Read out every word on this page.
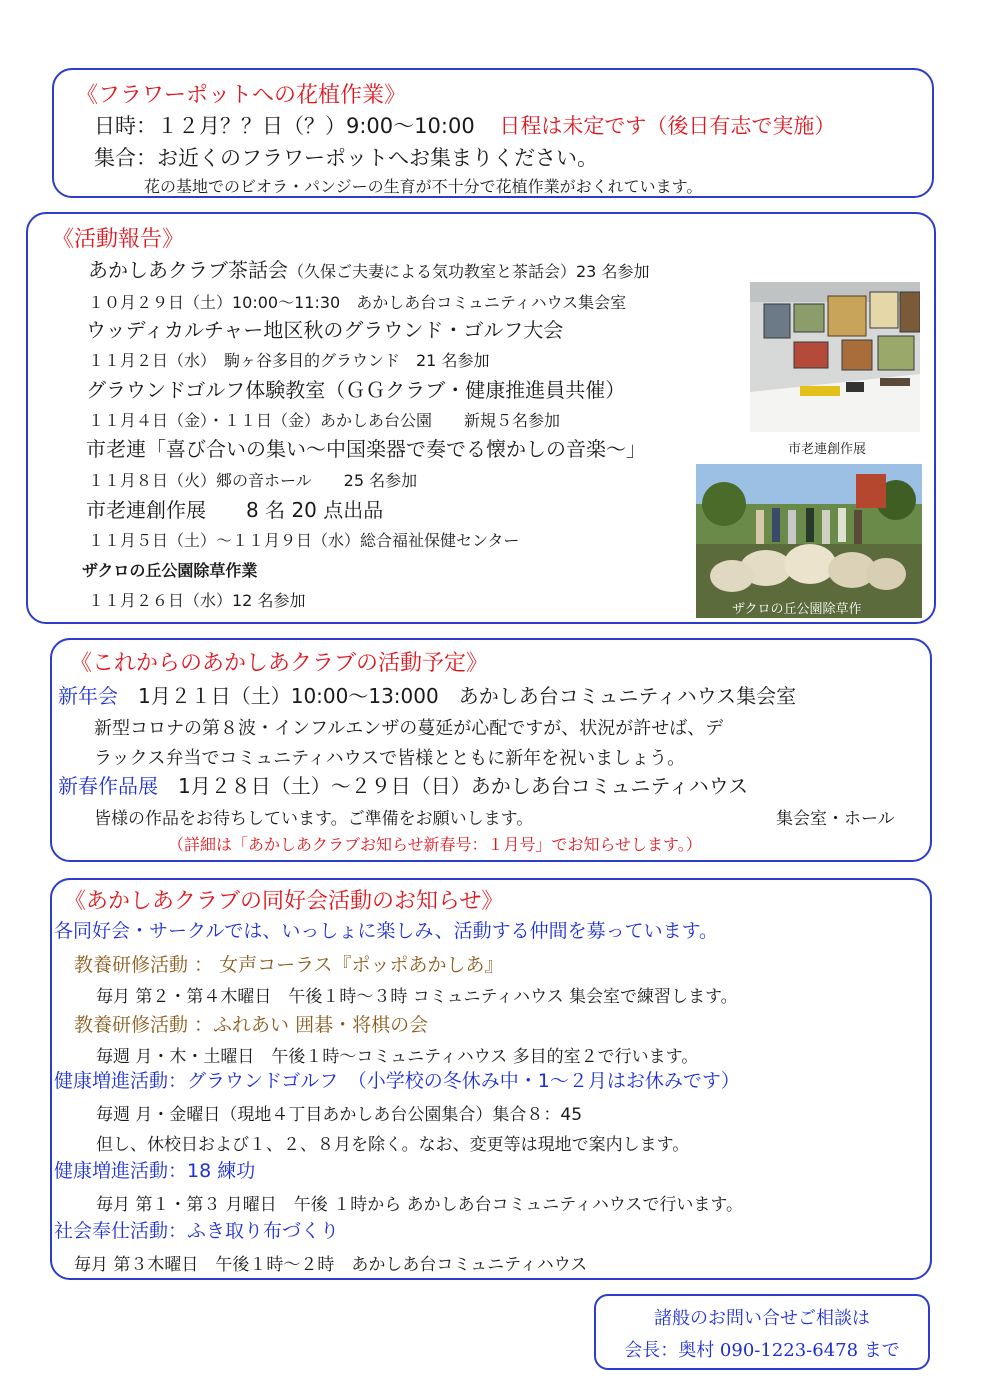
《フラワーポットへの花植作業》
日時：１２月？？日（？）9:00〜10:00 日程は未定です（後日有志で実施）
集合：お近くのフラワーポットへお集まりください。
花の基地でのビオラ・パンジーの生育が不十分で花植作業がおくれています。
《活動報告》
あかしあクラブ茶話会（久保ご夫妻による気功教室と茶話会）23 名参加
１０月２９日（土）10:00〜11:30　あかしあ台コミュニティハウス集会室
ウッディカルチャー地区秋のグラウンド・ゴルフ大会
１１月２日（水）　駒ヶ谷多目的グラウンド　21 名参加
グラウンドゴルフ体験教室（ＧＧクラブ・健康推進員共催）
１１月４日（金）・１１日（金）あかしあ台公園　　新規５名参加
市老連「喜び合いの集い〜中国楽器で奏でる懐かしの音楽〜」
１１月８日（火）郷の音ホール　　25 名参加
市老連創作展　　8 名 20 点出品
１１月５日（土）〜１１月９日（水）総合福祉保健センター
ザクロの丘公園除草作業
１１月２６日（水）12 名参加
市老連創作展
ザクロの丘公園除草作
《これからのあかしあクラブの活動予定》
新年会　1月２１日（土）10:00〜13:000　あかしあ台コミュニティハウス集会室
新型コロナの第８波・インフルエンザの蔓延が心配ですが、状況が許せば、デ
ラックス弁当でコミュニティハウスで皆様とともに新年を祝いましょう。
新春作品展　1月２８日（土）〜２９日（日）あかしあ台コミュニティハウス
皆様の作品をお待ちしています。ご準備をお願いします。	集会室・ホール
（詳細は「あかしあクラブお知らせ新春号：１月号」でお知らせします。）
《あかしあクラブの同好会活動のお知らせ》
各同好会・サークルでは、いっしょに楽しみ、活動する仲間を募っています。
教養研修活動 ： 女声コーラス『ポッポあかしあ』
毎月 第２・第４木曜日　午後１時〜３時 コミュニティハウス 集会室で練習します。
教養研修活動 ：ふれあい 囲碁・将棋の会
毎週 月・木・土曜日　午後１時〜コミュニティハウス 多目的室２で行います。
健康増進活動：グラウンドゴルフ　（小学校の冬休み中・1〜２月はお休みです）
毎週 月・金曜日（現地４丁目あかしあ台公園集合）集合８：45
但し、休校日および１、２、８月を除く。なお、変更等は現地で案内します。
健康増進活動：18 練功
毎月 第１・第３ 月曜日　午後 １時から あかしあ台コミュニティハウスで行います。
社会奉仕活動：ふき取り布づくり
毎月 第３木曜日　午後１時〜２時　あかしあ台コミュニティハウス
諸般のお問い合せご相談は
会長：奥村 090-1223-6478 まで
